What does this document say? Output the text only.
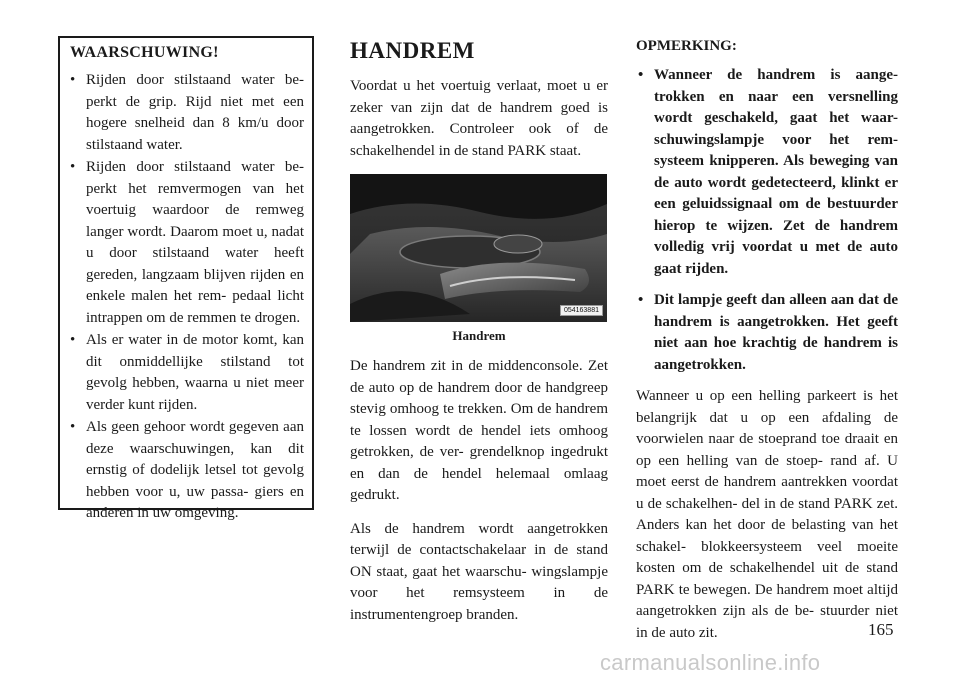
WAARSCHUWING!
• Rijden door stilstaand water be- perkt de grip. Rijd niet met een hogere snelheid dan 8 km/u door stilstaand water.
• Rijden door stilstaand water be- perkt het remvermogen van het voertuig waardoor de remweg langer wordt. Daarom moet u, nadat u door stilstaand water heeft gereden, langzaam blijven rijden en enkele malen het rem- pedaal licht intrappen om de remmen te drogen.
• Als er water in de motor komt, kan dit onmiddellijke stilstand tot gevolg hebben, waarna u niet meer verder kunt rijden.
• Als geen gehoor wordt gegeven aan deze waarschuwingen, kan dit ernstig of dodelijk letsel tot gevolg hebben voor u, uw passa- giers en anderen in uw omgeving.
HANDREM

Voordat u het voertuig verlaat, moet u er zeker van zijn dat de handrem goed is aangetrokken. Controleer ook of de schakelhendel in de stand PARK staat.

054163881
Handrem

De handrem zit in de middenconsole. Zet de auto op de handrem door de handgreep stevig omhoog te trekken. Om de handrem te lossen wordt de hendel iets omhoog getrokken, de ver- grendelknop ingedrukt en dan de hendel helemaal omlaag gedrukt.

Als de handrem wordt aangetrokken terwijl de contactschakelaar in de stand ON staat, gaat het waarschu- wingslampje voor het remsysteem in de instrumentengroep branden.

OPMERKING:
• Wanneer de handrem is aange- trokken en naar een versnelling wordt geschakeld, gaat het waar- schuwingslampje voor het rem- systeem knipperen. Als beweging van de auto wordt gedetecteerd, klinkt er een geluidssignaal om de bestuurder hierop te wijzen. Zet de handrem volledig vrij voordat u met de auto gaat rijden.
• Dit lampje geeft dan alleen aan dat de handrem is aangetrokken. Het geeft niet aan hoe krachtig de handrem is aangetrokken.

Wanneer u op een helling parkeert is het belangrijk dat u op een afdaling de voorwielen naar de stoeprand toe draait en op een helling van de stoep- rand af. U moet eerst de handrem aantrekken voordat u de schakelhen- del in de stand PARK zet. Anders kan het door de belasting van het schakel- blokkeersysteem veel moeite kosten om de schakelhendel uit de stand PARK te bewegen. De handrem moet altijd aangetrokken zijn als de be- stuurder niet in de auto zit.	165
carmanualsonline.info
